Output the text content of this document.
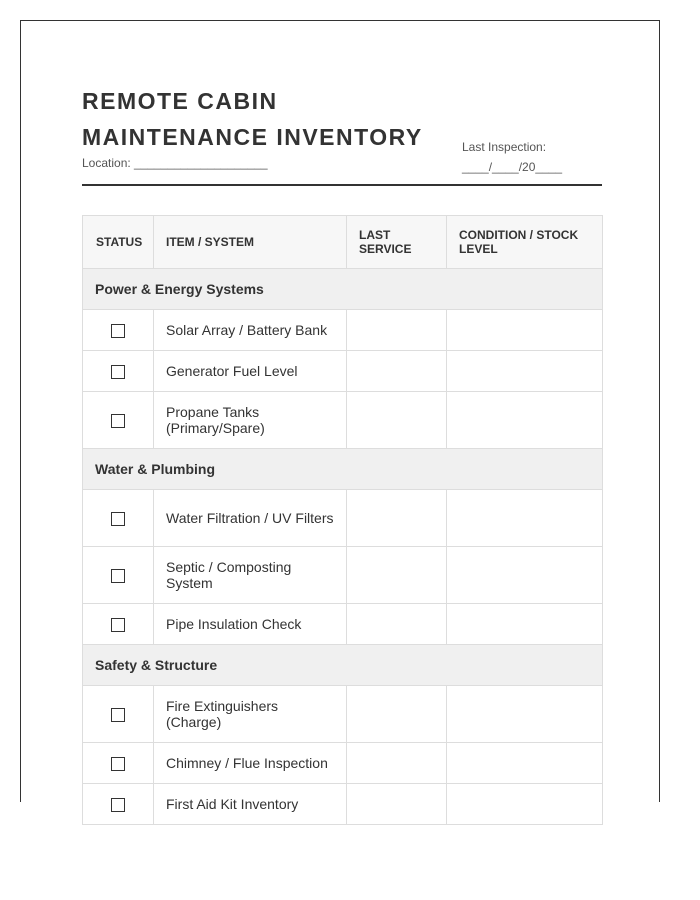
REMOTE CABIN MAINTENANCE INVENTORY
Location: ____________________
Last Inspection:
____/____/20____
STATUS	ITEM / SYSTEM	LAST SERVICE	CONDITION / STOCK LEVEL
Power & Energy Systems			
	Solar Array / Battery Bank		
	Generator Fuel Level		
	Propane Tanks (Primary/Spare)		
Water & Plumbing			
	Water Filtration / UV Filters		
	Septic / Composting System		
	Pipe Insulation Check		
Safety & Structure			
	Fire Extinguishers (Charge)		
	Chimney / Flue Inspection		
	First Aid Kit Inventory		
